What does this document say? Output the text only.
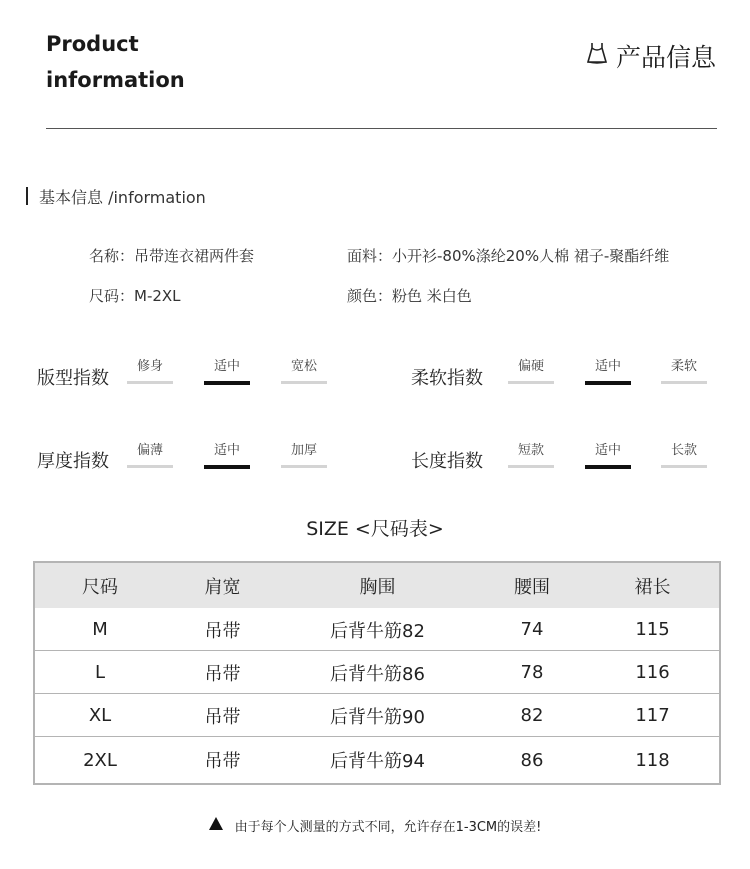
Product
information
产品信息
基本信息 /information
名称：吊带连衣裙两件套	面料：小开衫-80%涤纶20%人棉 裙子-聚酯纤维
尺码：M-2XL	颜色：粉色 米白色
版型指数
修身	适中	宽松
柔软指数
偏硬	适中	柔软
厚度指数
偏薄	适中	加厚
长度指数
短款	适中	长款
SIZE <尺码表>
尺码	肩宽	胸围	腰围	裙长
M	吊带	后背牛筋82	74	115
L	吊带	后背牛筋86	78	116
XL	吊带	后背牛筋90	82	117
2XL	吊带	后背牛筋94	86	118
由于每个人测量的方式不同，允许存在1-3CM的误差!
